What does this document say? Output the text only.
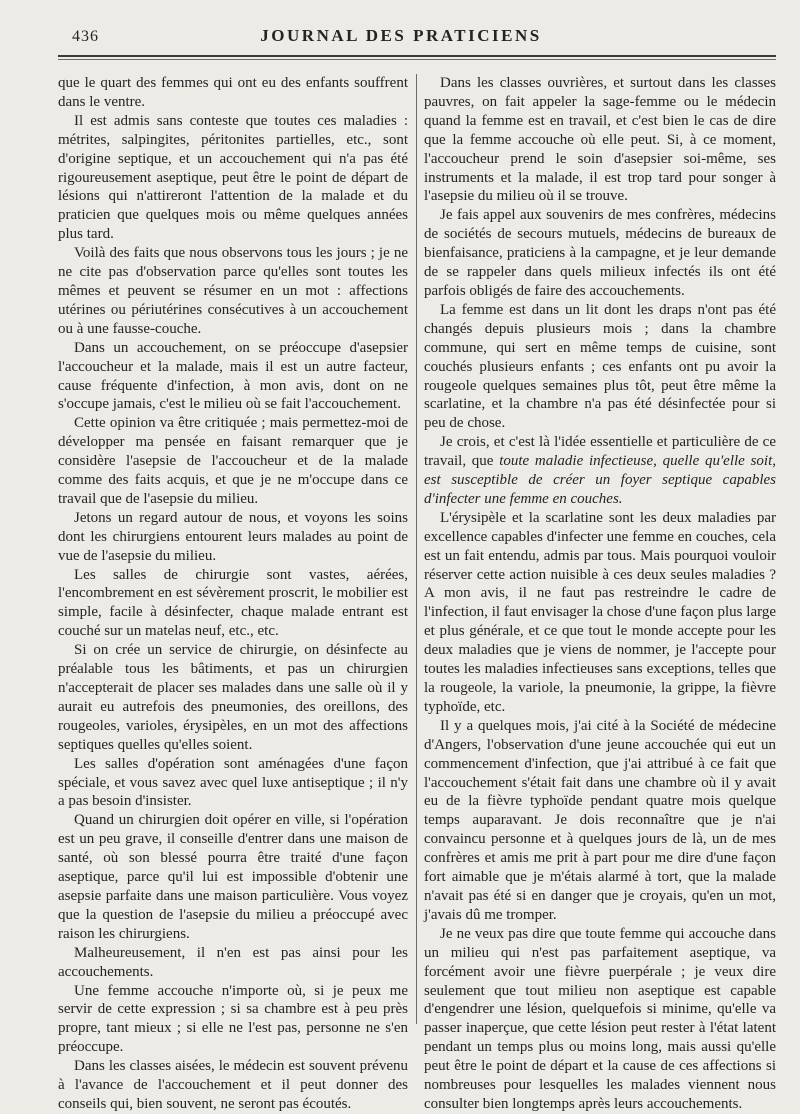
436	JOURNAL DES PRATICIENS

que le quart des femmes qui ont eu des enfants souffrent dans le ventre.

Il est admis sans conteste que toutes ces maladies : métrites, salpingites, péritonites partielles, etc., sont d'origine septique, et un accouchement qui n'a pas été rigoureusement aseptique, peut être le point de départ de lésions qui n'attireront l'attention de la malade et du praticien que quelques mois ou même quelques années plus tard.

Voilà des faits que nous observons tous les jours ; je ne ne cite pas d'observation parce qu'elles sont toutes les mêmes et peuvent se résumer en un mot : affections utérines ou périutérines consécutives à un accouchement ou à une fausse-couche.

Dans un accouchement, on se préoccupe d'asepsier l'accoucheur et la malade, mais il est un autre facteur, cause fréquente d'infection, à mon avis, dont on ne s'occupe jamais, c'est le milieu où se fait l'accouchement.

Cette opinion va être critiquée ; mais permettez-moi de développer ma pensée en faisant remarquer que je considère l'asepsie de l'accoucheur et de la malade comme des faits acquis, et que je ne m'occupe dans ce travail que de l'asepsie du milieu.

Jetons un regard autour de nous, et voyons les soins dont les chirurgiens entourent leurs malades au point de vue de l'asepsie du milieu.

Les salles de chirurgie sont vastes, aérées, l'encombrement en est sévèrement proscrit, le mobilier est simple, facile à désinfecter, chaque malade entrant est couché sur un matelas neuf, etc., etc.

Si on crée un service de chirurgie, on désinfecte au préalable tous les bâtiments, et pas un chirurgien n'accepterait de placer ses malades dans une salle où il y aurait eu autrefois des pneumonies, des oreillons, des rougeoles, varioles, érysipèles, en un mot des affections septiques quelles qu'elles soient.

Les salles d'opération sont aménagées d'une façon spéciale, et vous savez avec quel luxe antiseptique ; il n'y a pas besoin d'insister.

Quand un chirurgien doit opérer en ville, si l'opération est un peu grave, il conseille d'entrer dans une maison de santé, où son blessé pourra être traité d'une façon aseptique, parce qu'il lui est impossible d'obtenir une asepsie parfaite dans une maison particulière. Vous voyez que la question de l'asepsie du milieu a préoccupé avec raison les chirurgiens.

Malheureusement, il n'en est pas ainsi pour les accouchements.

Une femme accouche n'importe où, si je peux me servir de cette expression ; si sa chambre est à peu près propre, tant mieux ; si elle ne l'est pas, personne ne s'en préoccupe.

Dans les classes aisées, le médecin est souvent prévenu à l'avance de l'accouchement et il peut donner des conseils qui, bien souvent, ne seront pas écoutés.

Dans les classes ouvrières, et surtout dans les classes pauvres, on fait appeler la sage-femme ou le médecin quand la femme est en travail, et c'est bien le cas de dire que la femme accouche où elle peut. Si, à ce moment, l'accoucheur prend le soin d'asepsier soi-même, ses instruments et la malade, il est trop tard pour songer à l'asepsie du milieu où il se trouve.

Je fais appel aux souvenirs de mes confrères, médecins de sociétés de secours mutuels, médecins de bureaux de bienfaisance, praticiens à la campagne, et je leur demande de se rappeler dans quels milieux infectés ils ont été parfois obligés de faire des accouchements.

La femme est dans un lit dont les draps n'ont pas été changés depuis plusieurs mois ; dans la chambre commune, qui sert en même temps de cuisine, sont couchés plusieurs enfants ; ces enfants ont pu avoir la rougeole quelques semaines plus tôt, peut être même la scarlatine, et la chambre n'a pas été désinfectée pour si peu de chose.

Je crois, et c'est là l'idée essentielle et particulière de ce travail, que toute maladie infectieuse, quelle qu'elle soit, est susceptible de créer un foyer septique capables d'infecter une femme en couches.

L'érysipèle et la scarlatine sont les deux maladies par excellence capables d'infecter une femme en couches, cela est un fait entendu, admis par tous. Mais pourquoi vouloir réserver cette action nuisible à ces deux seules maladies ? A mon avis, il ne faut pas restreindre le cadre de l'infection, il faut envisager la chose d'une façon plus large et plus générale, et ce que tout le monde accepte pour les deux maladies que je viens de nommer, je l'accepte pour toutes les maladies infectieuses sans exceptions, telles que la rougeole, la variole, la pneumonie, la grippe, la fièvre typhoïde, etc.

Il y a quelques mois, j'ai cité à la Société de médecine d'Angers, l'observation d'une jeune accouchée qui eut un commencement d'infection, que j'ai attribué à ce fait que l'accouchement s'était fait dans une chambre où il y avait eu de la fièvre typhoïde pendant quatre mois quelque temps auparavant. Je dois reconnaître que je n'ai convaincu personne et à quelques jours de là, un de mes confrères et amis me prit à part pour me dire d'une façon fort aimable que je m'étais alarmé à tort, que la malade n'avait pas été si en danger que je croyais, qu'en un mot, j'avais dû me tromper.

Je ne veux pas dire que toute femme qui accouche dans un milieu qui n'est pas parfaitement aseptique, va forcément avoir une fièvre puerpérale ; je veux dire seulement que tout milieu non aseptique est capable d'engendrer une lésion, quelquefois si minime, qu'elle va passer inaperçue, que cette lésion peut rester à l'état latent pendant un temps plus ou moins long, mais aussi qu'elle peut être le point de départ et la cause de ces affections si nombreuses pour lesquelles les malades viennent nous consulter bien longtemps après leurs accouchements.
